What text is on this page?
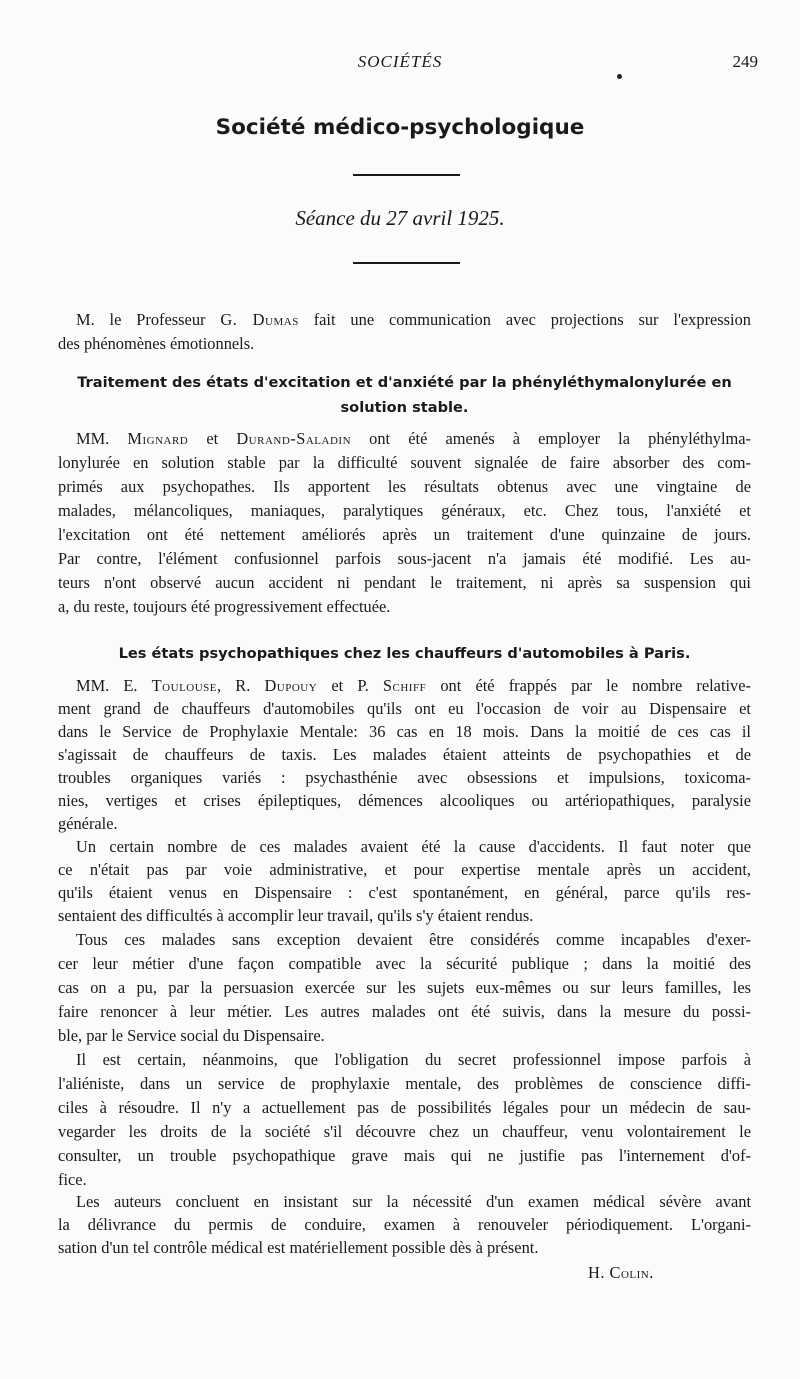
SOCIÉTÉS	249
Société médico-psychologique
Séance du 27 avril 1925.
M. le Professeur G. Dumas fait une communication avec projections sur l'expression
des phénomènes émotionnels.
Traitement des états d'excitation et d'anxiété par la phényléthymalonylurée en
solution stable.
MM. Mignard et Durand-Saladin ont été amenés à employer la phényléthylma-
lonylurée en solution stable par la difficulté souvent signalée de faire absorber des com-
primés aux psychopathes. Ils apportent les résultats obtenus avec une vingtaine de
malades, mélancoliques, maniaques, paralytiques généraux, etc. Chez tous, l'anxiété et
l'excitation ont été nettement améliorés après un traitement d'une quinzaine de jours.
Par contre, l'élément confusionnel parfois sous-jacent n'a jamais été modifié. Les au-
teurs n'ont observé aucun accident ni pendant le traitement, ni après sa suspension qui
a, du reste, toujours été progressivement effectuée.
Les états psychopathiques chez les chauffeurs d'automobiles à Paris.
MM. E. Toulouse, R. Dupouy et P. Schiff ont été frappés par le nombre relative-
ment grand de chauffeurs d'automobiles qu'ils ont eu l'occasion de voir au Dispensaire et
dans le Service de Prophylaxie Mentale: 36 cas en 18 mois. Dans la moitié de ces cas il
s'agissait de chauffeurs de taxis. Les malades étaient atteints de psychopathies et de
troubles organiques variés : psychasthénie avec obsessions et impulsions, toxicoma-
nies, vertiges et crises épileptiques, démences alcooliques ou artériopathiques, paralysie
générale.
Un certain nombre de ces malades avaient été la cause d'accidents. Il faut noter que
ce n'était pas par voie administrative, et pour expertise mentale après un accident,
qu'ils étaient venus en Dispensaire : c'est spontanément, en général, parce qu'ils res-
sentaient des difficultés à accomplir leur travail, qu'ils s'y étaient rendus.
Tous ces malades sans exception devaient être considérés comme incapables d'exer-
cer leur métier d'une façon compatible avec la sécurité publique ; dans la moitié des
cas on a pu, par la persuasion exercée sur les sujets eux-mêmes ou sur leurs familles, les
faire renoncer à leur métier. Les autres malades ont été suivis, dans la mesure du possi-
ble, par le Service social du Dispensaire.
Il est certain, néanmoins, que l'obligation du secret professionnel impose parfois à
l'aliéniste, dans un service de prophylaxie mentale, des problèmes de conscience diffi-
ciles à résoudre. Il n'y a actuellement pas de possibilités légales pour un médecin de sau-
vegarder les droits de la société s'il découvre chez un chauffeur, venu volontairement le
consulter, un trouble psychopathique grave mais qui ne justifie pas l'internement d'of-
fice.
Les auteurs concluent en insistant sur la nécessité d'un examen médical sévère avant
la délivrance du permis de conduire, examen à renouveler périodiquement. L'organi-
sation d'un tel contrôle médical est matériellement possible dès à présent.
H. Colin.
